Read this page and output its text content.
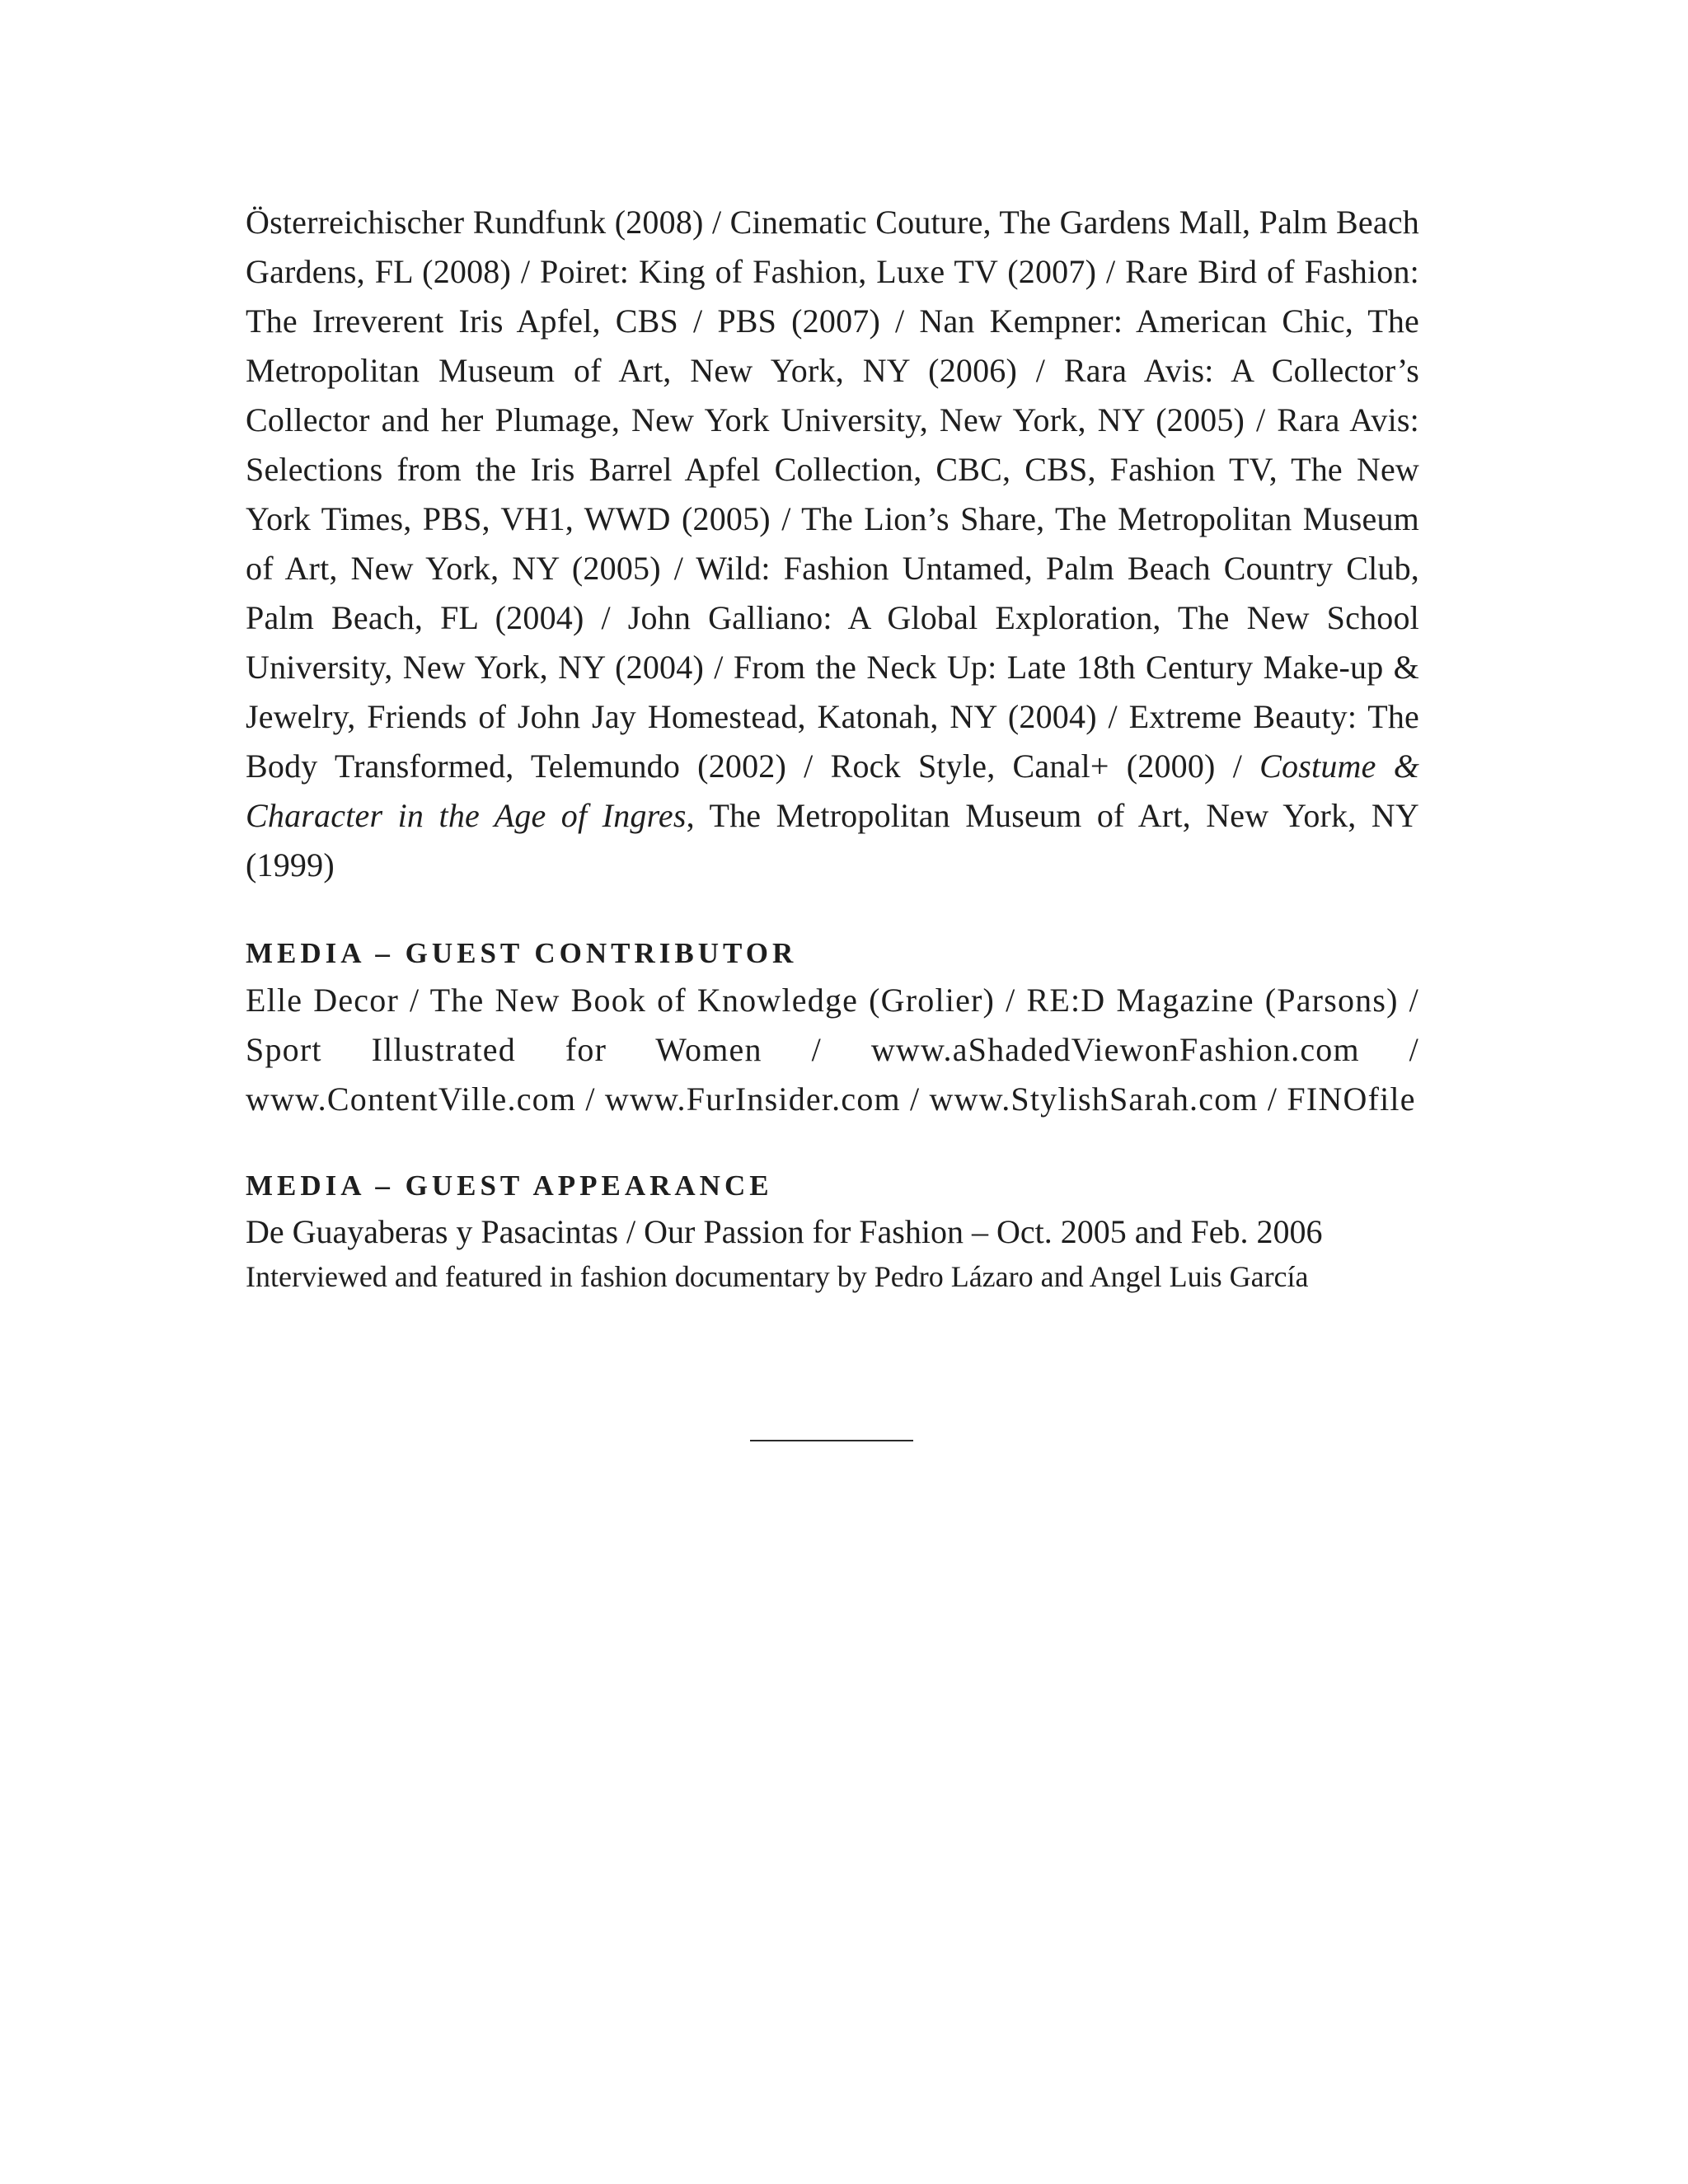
Österreichischer Rundfunk (2008) / Cinematic Couture, The Gardens Mall, Palm Beach Gardens, FL (2008) / Poiret: King of Fashion, Luxe TV (2007) / Rare Bird of Fashion: The Irreverent Iris Apfel, CBS / PBS (2007) / Nan Kempner: American Chic, The Metropolitan Museum of Art, New York, NY (2006) / Rara Avis: A Collector’s Collector and her Plumage, New York University, New York, NY (2005) / Rara Avis: Selections from the Iris Barrel Apfel Collection, CBC, CBS, Fashion TV, The New York Times, PBS, VH1, WWD (2005) / The Lion’s Share, The Metropolitan Museum of Art, New York, NY (2005) / Wild: Fashion Untamed, Palm Beach Country Club, Palm Beach, FL (2004) / John Galliano: A Global Exploration, The New School University, New York, NY (2004) / From the Neck Up: Late 18th Century Make-up & Jewelry, Friends of John Jay Homestead, Katonah, NY (2004) / Extreme Beauty: The Body Transformed, Telemundo (2002) / Rock Style, Canal+ (2000) / Costume & Character in the Age of Ingres, The Metropolitan Museum of Art, New York, NY (1999)

MEDIA – GUEST CONTRIBUTOR

Elle Decor / The New Book of Knowledge (Grolier) / RE:D Magazine (Parsons) / Sport Illustrated for Women / www.aShadedViewonFashion.com / www.ContentVille.com / www.FurInsider.com / www.StylishSarah.com / FINOfile

MEDIA – GUEST APPEARANCE

De Guayaberas y Pasacintas / Our Passion for Fashion – Oct. 2005 and Feb. 2006

Interviewed and featured in fashion documentary by Pedro Lázaro and Angel Luis García
